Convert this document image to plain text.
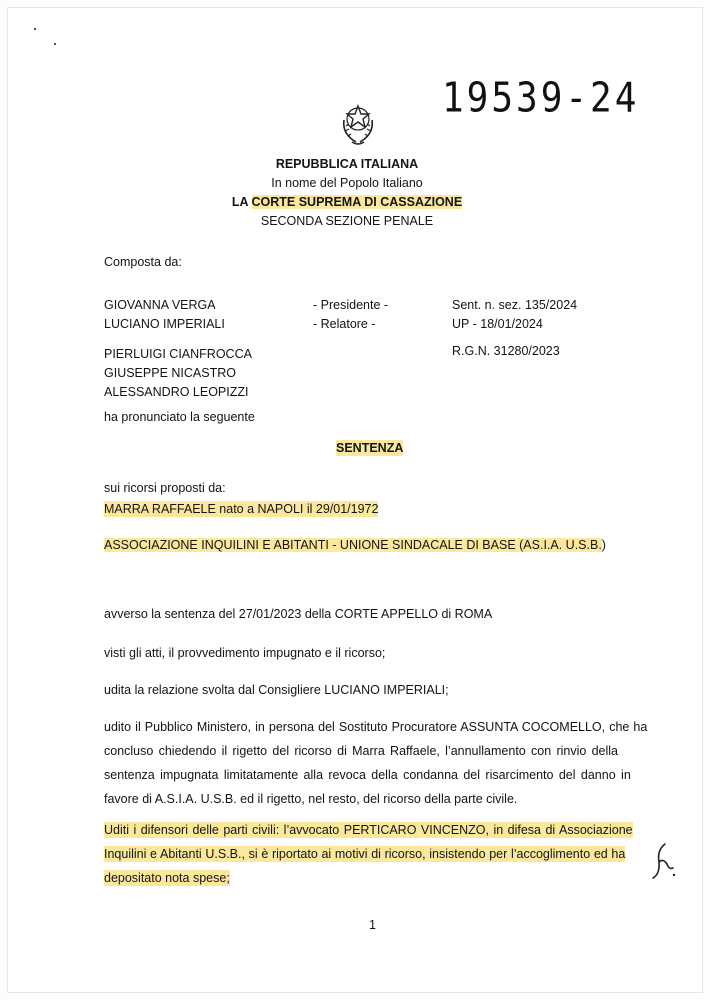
19539-24
REPUBBLICA ITALIANA
In nome del Popolo Italiano
LA CORTE SUPREMA DI CASSAZIONE
SECONDA SEZIONE PENALE
Composta da:
GIOVANNA VERGA	- Presidente -
LUCIANO IMPERIALI	- Relatore -
PIERLUIGI CIANFROCCA
GIUSEPPE NICASTRO
ALESSANDRO LEOPIZZI
Sent. n. sez. 135/2024
UP - 18/01/2024
R.G.N. 31280/2023
ha pronunciato la seguente
SENTENZA
sui ricorsi proposti da:
MARRA RAFFAELE nato a NAPOLI il 29/01/1972
ASSOCIAZIONE INQUILINI E ABITANTI - UNIONE SINDACALE DI BASE (AS.I.A. U.S.B.)
avverso la sentenza del 27/01/2023 della CORTE APPELLO di ROMA
visti gli atti, il provvedimento impugnato e il ricorso;
udita la relazione svolta dal Consigliere LUCIANO IMPERIALI;
udito il Pubblico Ministero, in persona del Sostituto Procuratore ASSUNTA COCOMELLO, che ha
concluso chiedendo il rigetto del ricorso di Marra Raffaele, l’annullamento con rinvio della
sentenza impugnata limitatamente alla revoca della condanna del risarcimento del danno in
favore di A.S.I.A. U.S.B. ed il rigetto, nel resto, del ricorso della parte civile.
Uditi i difensori delle parti civili: l’avvocato PERTICARO VINCENZO, in difesa di Associazione
Inquilini e Abitanti U.S.B., si è riportato ai motivi di ricorso, insistendo per l’accoglimento ed ha
depositato nota spese;
1
